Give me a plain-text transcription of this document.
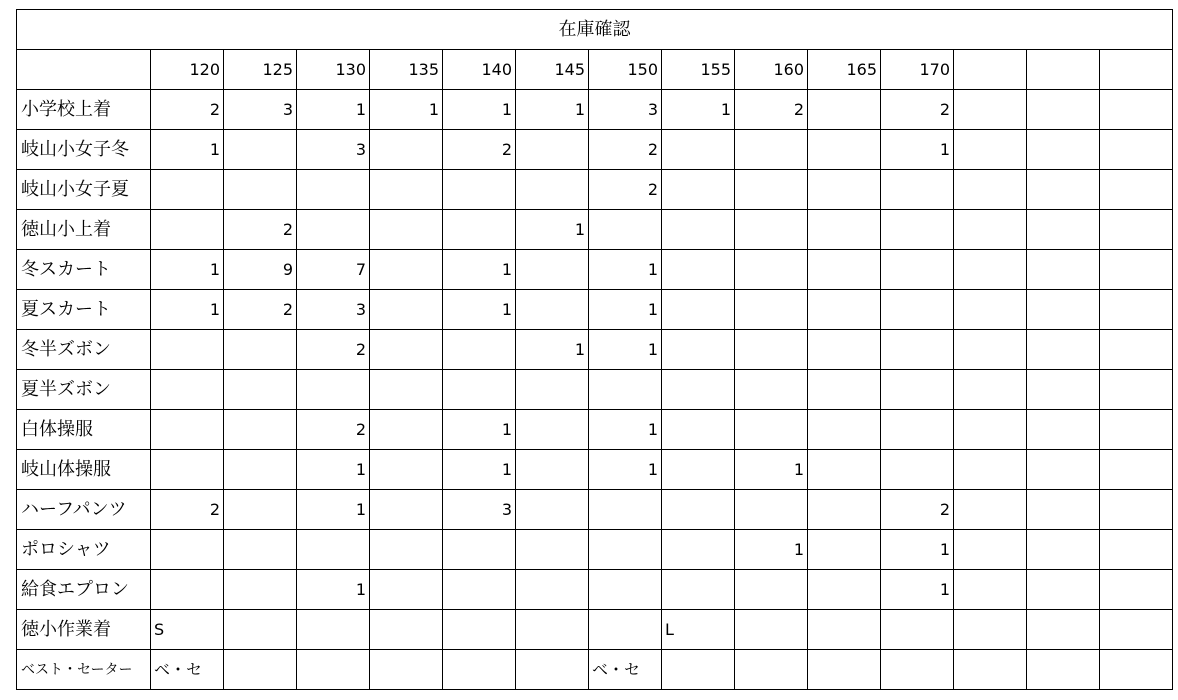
在庫確認														
	120	125	130	135	140	145	150	155	160	165	170			
小学校上着	2	3	1	1	1	1	3	1	2		2			
岐山小女子冬	1		3		2		2				1			
岐山小女子夏							2							
徳山小上着		2				1								
冬スカート	1	9	7		1		1							
夏スカート	1	2	3		1		1							
冬半ズボン			2			1	1							
夏半ズボン														
白体操服			2		1		1							
岐山体操服			1		1		1		1					
ハーフパンツ	2		1		3						2			
ポロシャツ									1		1			
給食エプロン			1								1			
徳小作業着	S							L						
ベスト・セーター	ベ・セ						ベ・セ							
